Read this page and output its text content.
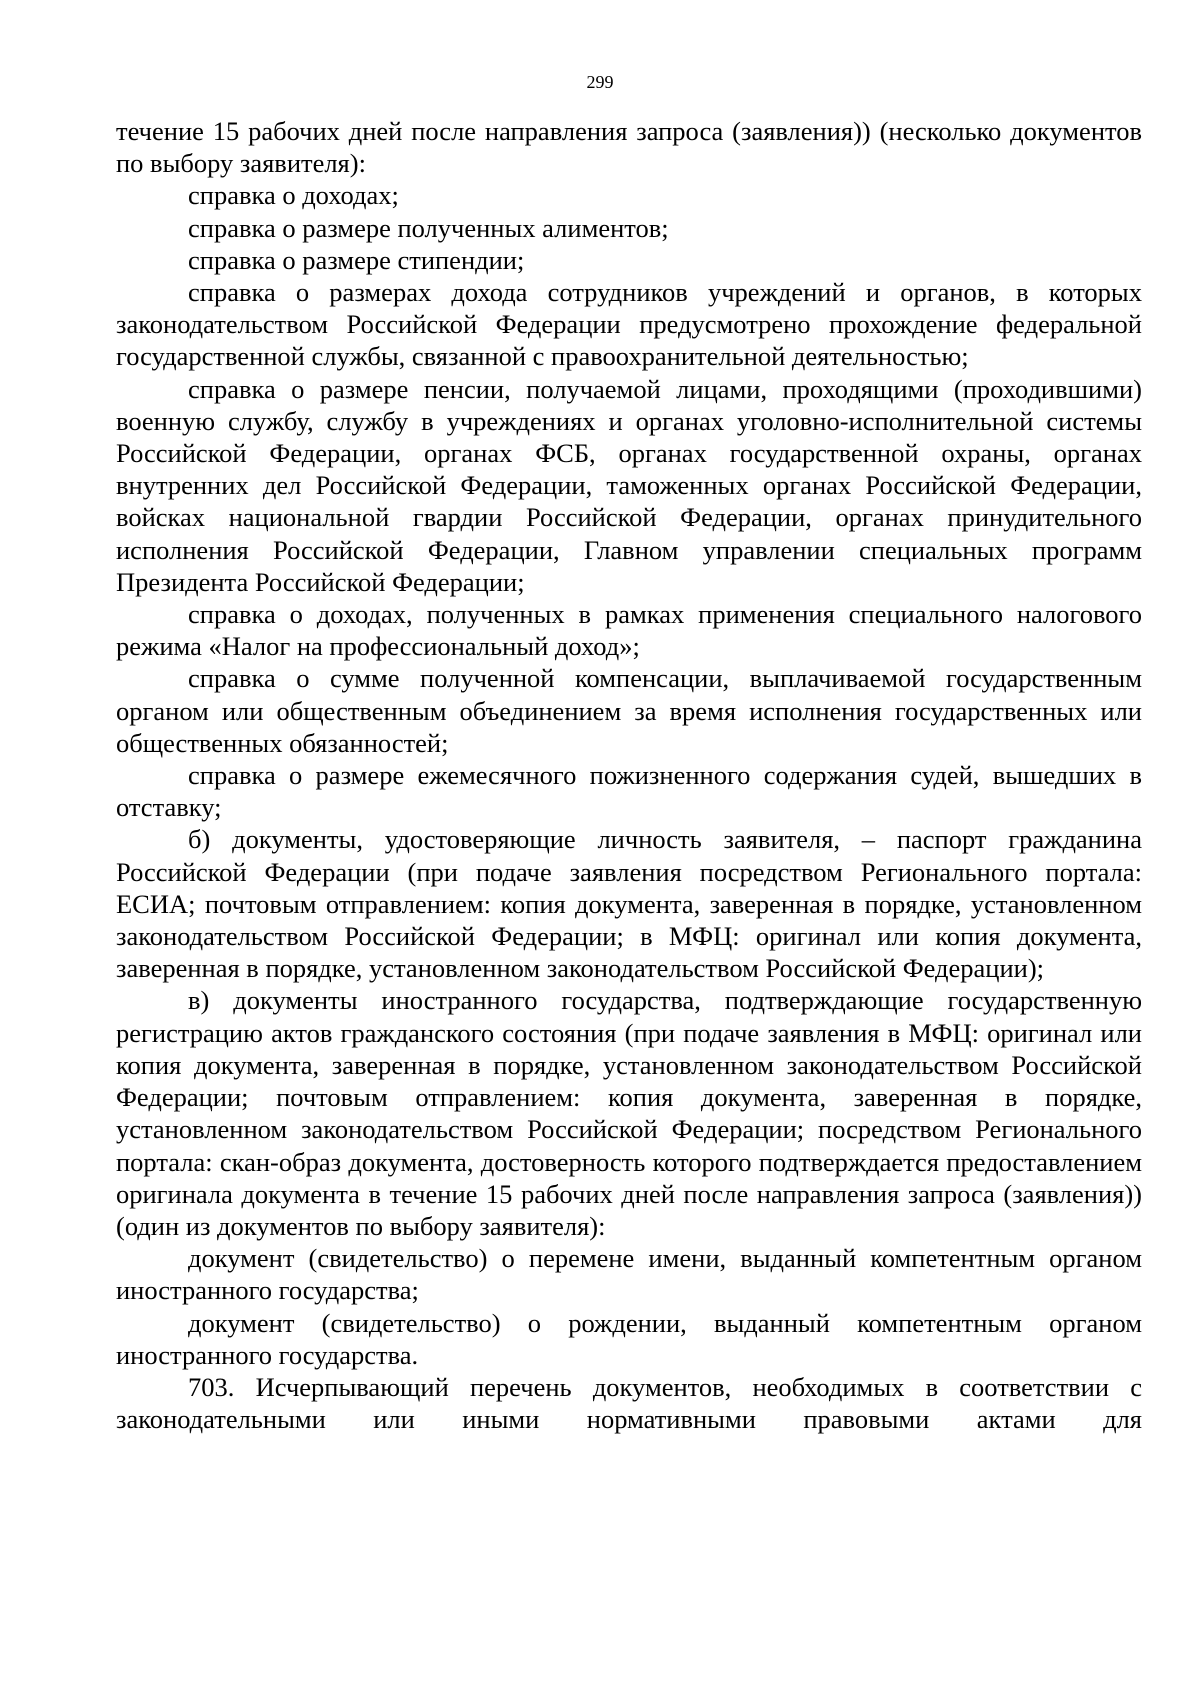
299

течение 15 рабочих дней после направления запроса (заявления)) (несколько документов по выбору заявителя):

справка о доходах;

справка о размере полученных алиментов;

справка о размере стипендии;

справка о размерах дохода сотрудников учреждений и органов, в которых законодательством Российской Федерации предусмотрено прохождение федеральной государственной службы, связанной с правоохранительной деятельностью;

справка о размере пенсии, получаемой лицами, проходящими (проходившими) военную службу, службу в учреждениях и органах уголовно-исполнительной системы Российской Федерации, органах ФСБ, органах государственной охраны, органах внутренних дел Российской Федерации, таможенных органах Российской Федерации, войсках национальной гвардии Российской Федерации, органах принудительного исполнения Российской Федерации, Главном управлении специальных программ Президента Российской Федерации;

справка о доходах, полученных в рамках применения специального налогового режима «Налог на профессиональный доход»;

справка о сумме полученной компенсации, выплачиваемой государственным органом или общественным объединением за время исполнения государственных или общественных обязанностей;

справка о размере ежемесячного пожизненного содержания судей, вышедших в отставку;

б) документы, удостоверяющие личность заявителя, – паспорт гражданина Российской Федерации (при подаче заявления посредством Регионального портала: ЕСИА; почтовым отправлением: копия документа, заверенная в порядке, установленном законодательством Российской Федерации; в МФЦ: оригинал или копия документа, заверенная в порядке, установленном законодательством Российской Федерации);

в) документы иностранного государства, подтверждающие государственную регистрацию актов гражданского состояния (при подаче заявления в МФЦ: оригинал или копия документа, заверенная в порядке, установленном законодательством Российской Федерации; почтовым отправлением: копия документа, заверенная в порядке, установленном законодательством Российской Федерации; посредством Регионального портала: скан-образ документа, достоверность которого подтверждается предоставлением оригинала документа в течение 15 рабочих дней после направления запроса (заявления)) (один из документов по выбору заявителя):

документ (свидетельство) о перемене имени, выданный компетентным органом иностранного государства;

документ (свидетельство) о рождении, выданный компетентным органом иностранного государства.

703. Исчерпывающий перечень документов, необходимых в соответствии с законодательными или иными нормативными правовыми актами для
